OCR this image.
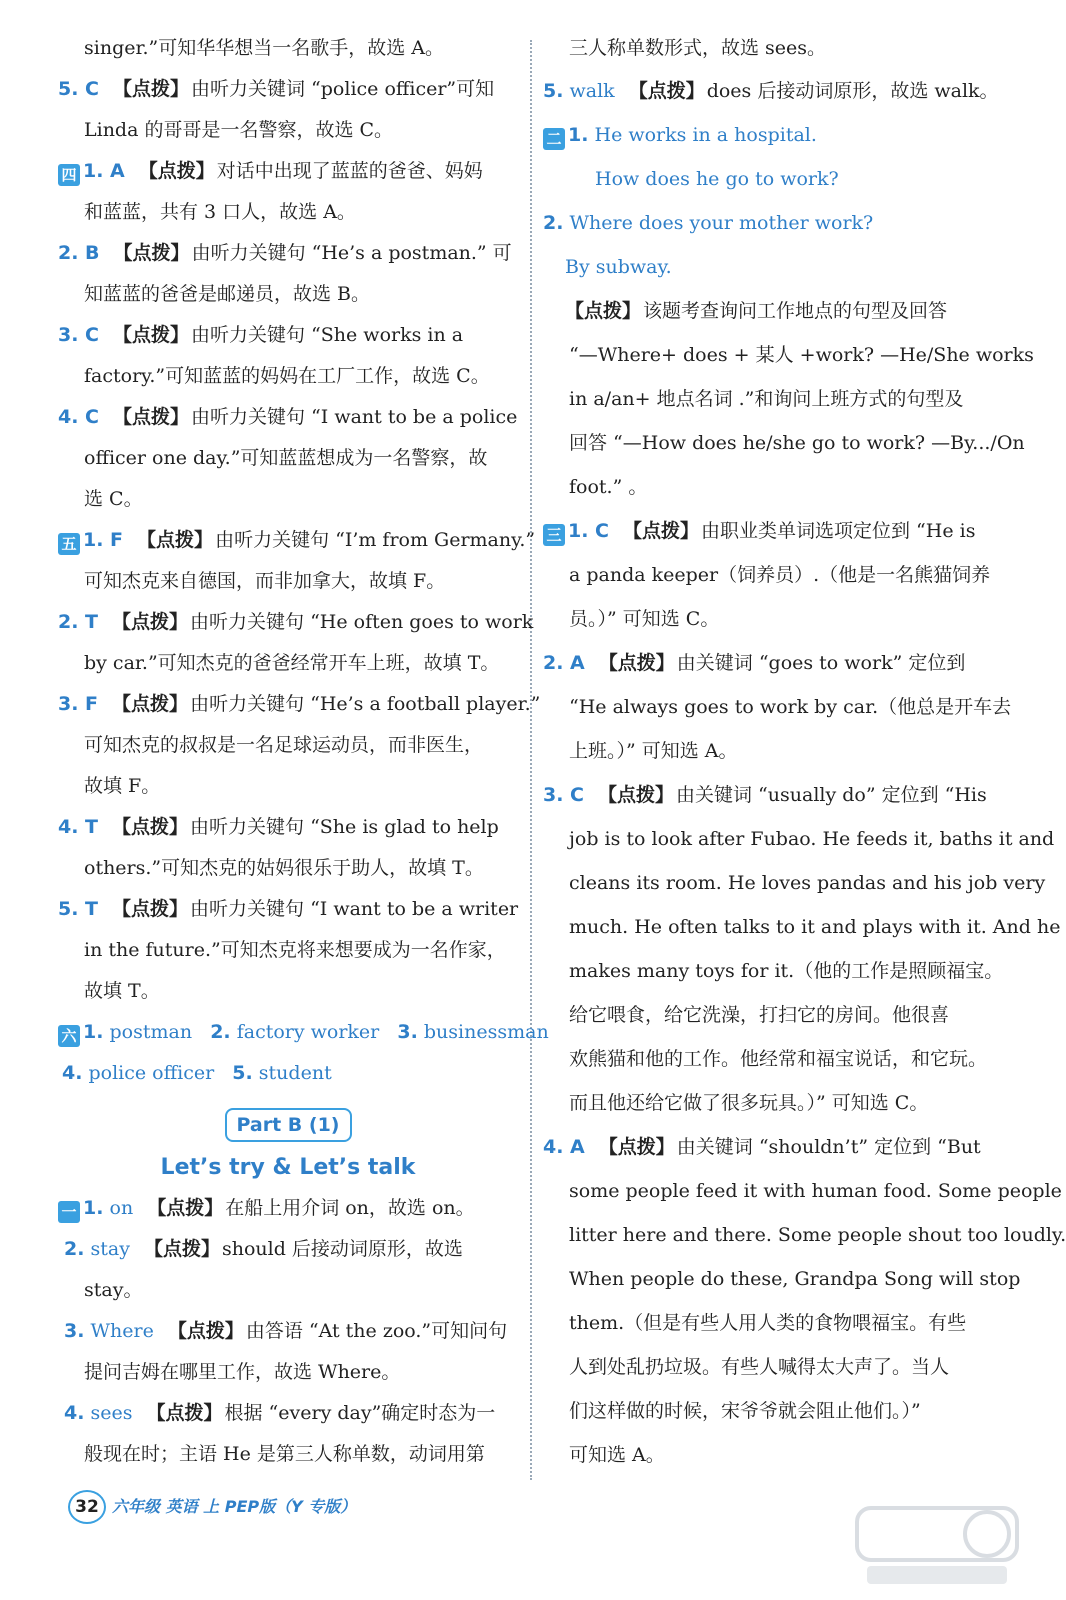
singer.”可知华华想当一名歌手，故选 A。
5. C 【点拨】 由听力关键词 “police officer”可知
Linda 的哥哥是一名警察，故选 C。
四 1. A 【点拨】 对话中出现了蓝蓝的爸爸、妈妈
和蓝蓝，共有 3 口人，故选 A。
2. B 【点拨】 由听力关键句 “He’s a postman.” 可
知蓝蓝的爸爸是邮递员，故选 B。
3. C 【点拨】 由听力关键句 “She works in a
factory.”可知蓝蓝的妈妈在工厂工作，故选 C。
4. C 【点拨】 由听力关键句 “I want to be a police
officer one day.”可知蓝蓝想成为一名警察，故
选 C。
五 1. F 【点拨】 由听力关键句 “I’m from Germany.”
可知杰克来自德国，而非加拿大，故填 F。
2. T 【点拨】 由听力关键句 “He often goes to work
by car.”可知杰克的爸爸经常开车上班，故填 T。
3. F 【点拨】 由听力关键句 “He’s a football player.”
可知杰克的叔叔是一名足球运动员，而非医生，
故填 F。
4. T 【点拨】 由听力关键句 “She is glad to help
others.”可知杰克的姑妈很乐于助人，故填 T。
5. T 【点拨】 由听力关键句 “I want to be a writer
in the future.”可知杰克将来想要成为一名作家，
故填 T。
六 1. postman 2. factory worker 3. businessman
4. police officer 5. student
Part B (1)
Let’s try & Let’s talk
一 1. on 【点拨】 在船上用介词 on，故选 on。
2. stay 【点拨】 should 后接动词原形，故选
stay。
3. Where 【点拨】 由答语 “At the zoo.”可知问句
提问吉姆在哪里工作，故选 Where。
4. sees 【点拨】 根据 “every day”确定时态为一
般现在时；主语 He 是第三人称单数，动词用第
三人称单数形式，故选 sees。
5. walk 【点拨】 does 后接动词原形，故选 walk。
二 1. He works in a hospital.
How does he go to work?
2. Where does your mother work?
By subway.
【点拨】 该题考查询问工作地点的句型及回答
“—Where+ does + 某人 +work? —He/She works
in a/an+ 地点名词 .”和询问上班方式的句型及
回答 “—How does he/she go to work? —By.../On
foot.” 。
三 1. C 【点拨】 由职业类单词选项定位到 “He is
a panda keeper（饲养员）.（他是一名熊猫饲养
员。）” 可知选 C。
2. A 【点拨】 由关键词 “goes to work” 定位到
“He always goes to work by car.（他总是开车去
上班。）” 可知选 A。
3. C 【点拨】 由关键词 “usually do” 定位到 “His
job is to look after Fubao. He feeds it, baths it and
cleans its room. He loves pandas and his job very
much. He often talks to it and plays with it. And he
makes many toys for it.（他的工作是照顾福宝。
给它喂食，给它洗澡，打扫它的房间。他很喜
欢熊猫和他的工作。他经常和福宝说话，和它玩。
而且他还给它做了很多玩具。）” 可知选 C。
4. A 【点拨】 由关键词 “shouldn’t” 定位到 “But
some people feed it with human food. Some people
litter here and there. Some people shout too loudly.
When people do these, Grandpa Song will stop
them.（但是有些人用人类的食物喂福宝。有些
人到处乱扔垃圾。有些人喊得太大声了。当人
们这样做的时候，宋爷爷就会阻止他们。）”
可知选 A。
32 六年级 英语 上 PEP版（Y 专版）
